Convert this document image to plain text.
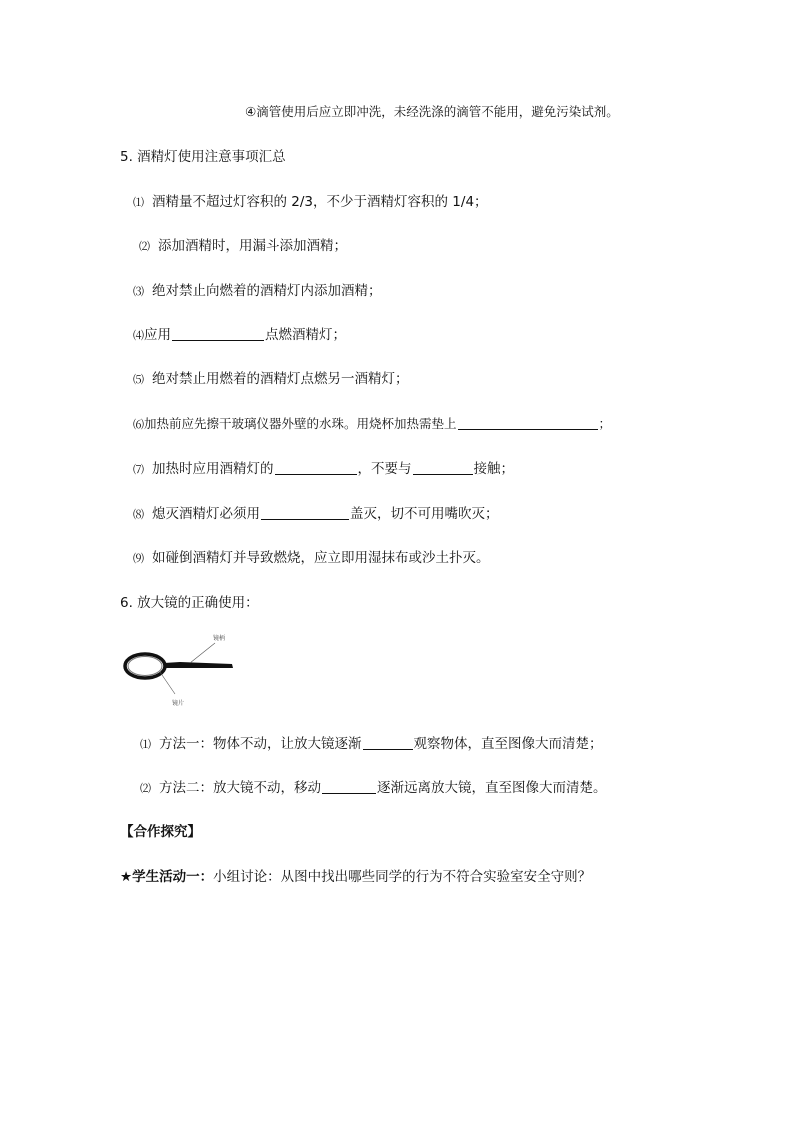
④滴管使用后应立即冲洗，未经洗涤的滴管不能用，避免污染试剂。
5. 酒精灯使用注意事项汇总
⑴ 酒精量不超过灯容积的 2/3，不少于酒精灯容积的 1/4；
⑵ 添加酒精时，用漏斗添加酒精；
⑶ 绝对禁止向燃着的酒精灯内添加酒精；
⑷应用	点燃酒精灯；
⑸ 绝对禁止用燃着的酒精灯点燃另一酒精灯；
⑹加热前应先擦干玻璃仪器外壁的水珠。用烧杯加热需垫上	；
⑺ 加热时应用酒精灯的	，不要与	接触；
⑻ 熄灭酒精灯必须用	盖灭，切不可用嘴吹灭；
⑼ 如碰倒酒精灯并导致燃烧，应立即用湿抹布或沙土扑灭。
6. 放大镜的正确使用：
镜柄
镜片
⑴ 方法一：物体不动，让放大镜逐渐	观察物体，直至图像大而清楚；
⑵ 方法二：放大镜不动，移动	逐渐远离放大镜，直至图像大而清楚。
【合作探究】
★学生活动一：小组讨论：从图中找出哪些同学的行为不符合实验室安全守则？
